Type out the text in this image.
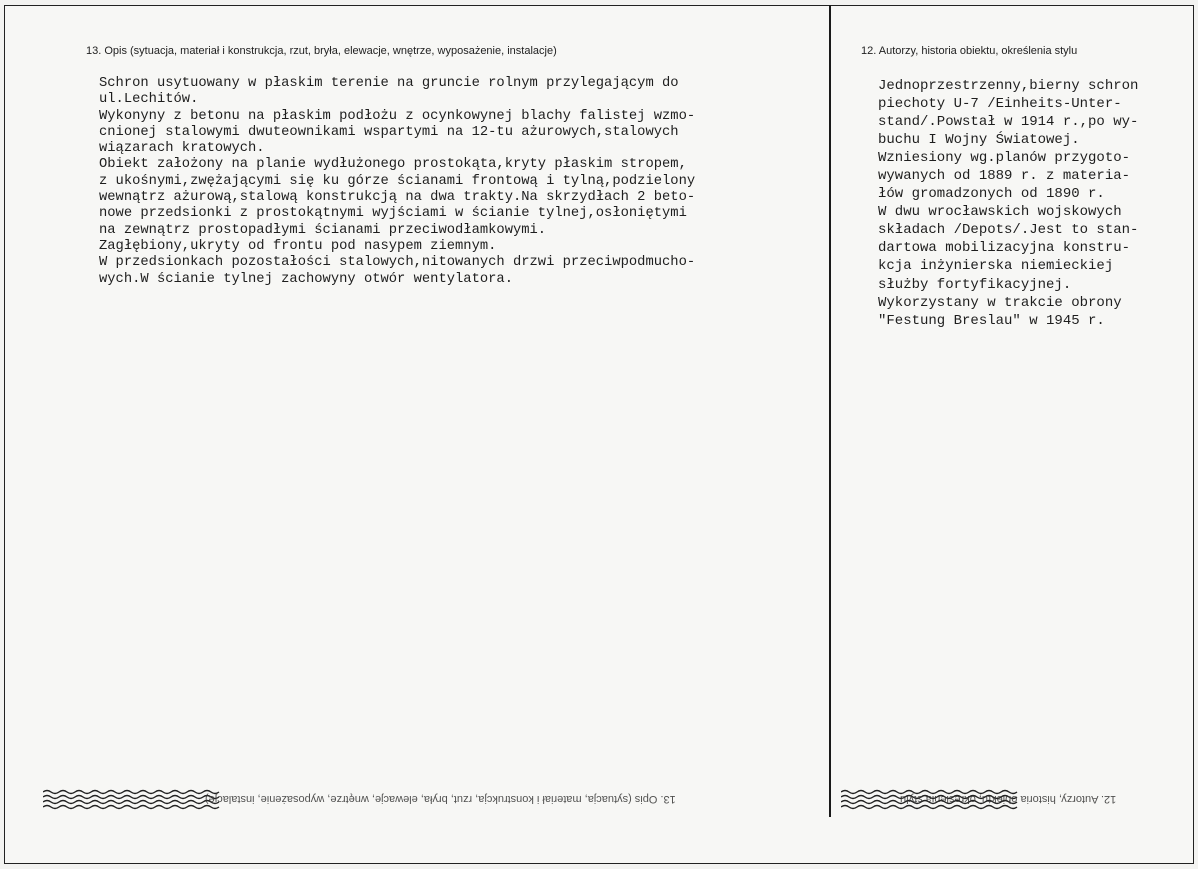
13. Opis (sytuacja, materiał i konstrukcja, rzut, bryła, elewacje, wnętrze, wyposażenie, instalacje)
Schron usytuowany w płaskim terenie na gruncie rolnym przylegającym do
ul.Lechitów.
Wykonyny z betonu na płaskim podłożu z ocynkowynej blachy falistej wzmo-
cnionej stalowymi dwuteownikami wspartymi na 12-tu ażurowych,stalowych
wiązarach kratowych.
Obiekt założony na planie wydłużonego prostokąta,kryty płaskim stropem,
z ukośnymi,zwężającymi się ku górze ścianami frontową i tylną,podzielony
wewnątrz ażurową,stalową konstrukcją na dwa trakty.Na skrzydłach 2 beto-
nowe przedsionki z prostokątnymi wyjściami w ścianie tylnej,osłoniętymi
na zewnątrz prostopadłymi ścianami przeciwodłamkowymi.
Zagłębiony,ukryty od frontu pod nasypem ziemnym.
W przedsionkach pozostałości stalowych,nitowanych drzwi przeciwpodmucho-
wych.W ścianie tylnej zachowyny otwór wentylatora.
12. Autorzy, historia obiektu, określenia stylu
Jednoprzestrzenny,bierny schron
piechoty U-7 /Einheits-Unter-
stand/.Powstał w 1914 r.,po wy-
buchu I Wojny Światowej.
Wzniesiony wg.planów przygoto-
wywanych od 1889 r. z materia-
łów gromadzonych od 1890 r.
W dwu wrocławskich wojskowych
składach /Depots/.Jest to stan-
dartowa mobilizacyjna konstru-
kcja inżynierska niemieckiej
służby fortyfikacyjnej.
Wykorzystany w trakcie obrony
"Festung Breslau" w 1945 r.
13. Opis (sytuacja, materiał i konstrukcja, rzut, bryła, elewacje, wnętrze, wyposażenie, instalacje)	12. Autorzy, historia obiektu, określenia stylu
